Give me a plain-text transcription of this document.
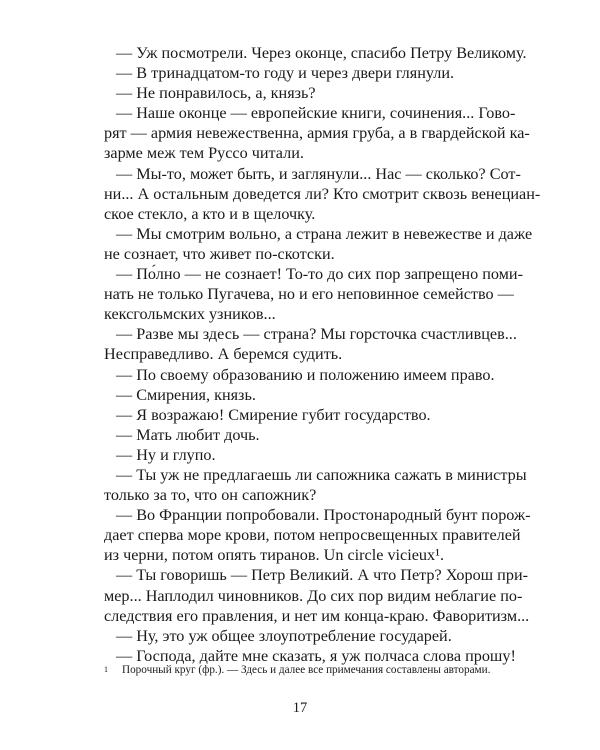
— Уж посмотрели. Через оконце, спасибо Петру Великому.
— В тринадцатом-то году и через двери глянули.
— Не понравилось, а, князь?
— Наше оконце — европейские книги, сочинения... Гово-
рят — армия невежественна, армия груба, а в гвардейской ка-
зарме меж тем Руссо читали.
— Мы-то, может быть, и заглянули... Нас — сколько? Сот-
ни... А остальным доведется ли? Кто смотрит сквозь венециан-
ское стекло, а кто и в щелочку.
— Мы смотрим вольно, а страна лежит в невежестве и даже
не сознает, что живет по-скотски.
— По́лно — не сознает! То-то до сих пор запрещено поми-
нать не только Пугачева, но и его неповинное семейство —
кексгольмских узников...
— Разве мы здесь — страна? Мы горсточка счастливцев...
Несправедливо. А беремся судить.
— По своему образованию и положению имеем право.
— Смирения, князь.
— Я возражаю! Смирение губит государство.
— Мать любит дочь.
— Ну и глупо.
— Ты уж не предлагаешь ли сапожника сажать в министры
только за то, что он сапожник?
— Во Франции попробовали. Простонародный бунт порож-
дает сперва море крови, потом непросвещенных правителей
из черни, потом опять тиранов. Un circle vicieux¹.
— Ты говоришь — Петр Великий. А что Петр? Хорош при-
мер... Наплодил чиновников. До сих пор видим неблагие по-
следствия его правления, и нет им конца-краю. Фаворитизм...
— Ну, это уж общее злоупотребление государей.
— Господа, дайте мне сказать, я уж полчаса слова прошу!
1 Порочный круг (фр.). — Здесь и далее все примечания составлены авторами.
17
